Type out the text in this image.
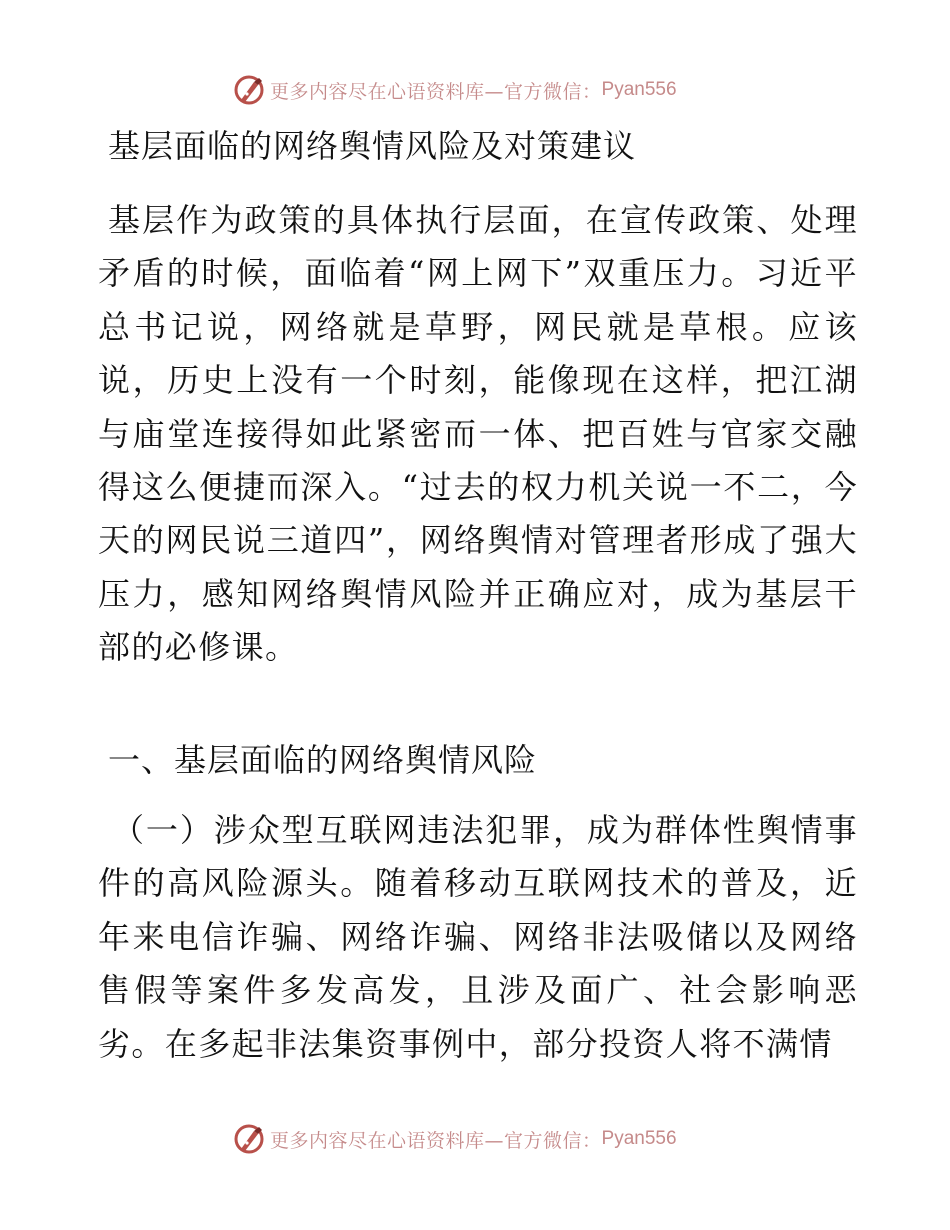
更多内容尽在心语资料库—官方微信： Pyan556
基层面临的网络舆情风险及对策建议
基层作为政策的具体执行层面，在宣传政策、处理矛盾的时候，面临着“网上网下”双重压力。习近平总书记说，网络就是草野，网民就是草根。应该说，历史上没有一个时刻，能像现在这样，把江湖与庙堂连接得如此紧密而一体、把百姓与官家交融得这么便捷而深入。“过去的权力机关说一不二，今天的网民说三道四”，网络舆情对管理者形成了强大压力，感知网络舆情风险并正确应对，成为基层干部的必修课。
一、基层面临的网络舆情风险
（一）涉众型互联网违法犯罪，成为群体性舆情事件的高风险源头。随着移动互联网技术的普及，近年来电信诈骗、网络诈骗、网络非法吸储以及网络售假等案件多发高发，且涉及面广、社会影响恶劣。在多起非法集资事例中，部分投资人将不满情
更多内容尽在心语资料库—官方微信： Pyan556
